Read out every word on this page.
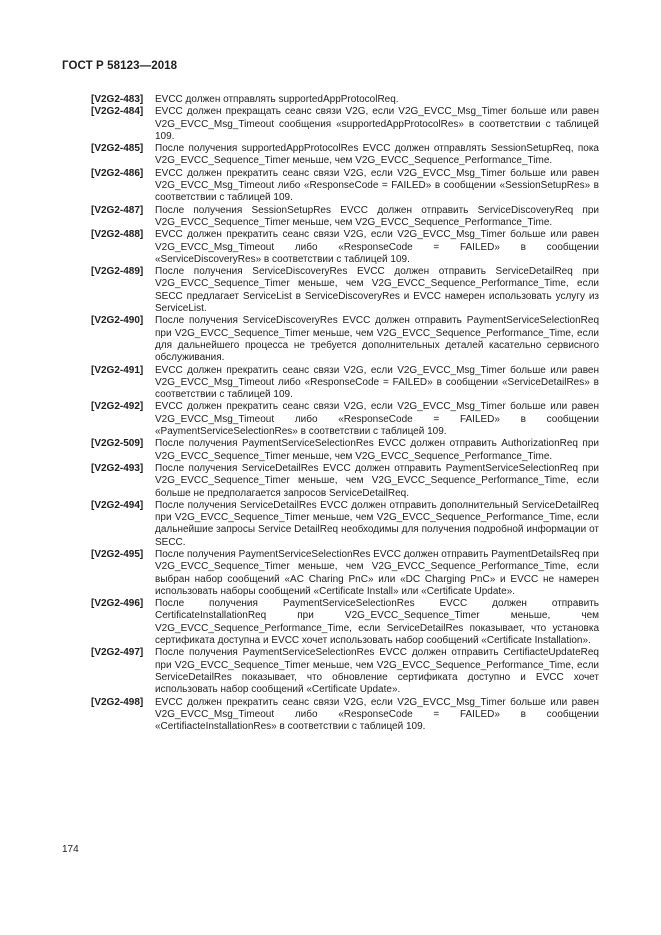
ГОСТ Р 58123—2018
[V2G2-483]	EVCC должен отправлять supportedAppProtocolReq.
[V2G2-484]	EVCC должен прекращать сеанс связи V2G, если V2G_EVCC_Msg_Timer больше или равен V2G_EVCC_Msg_Timeout сообщения «supportedAppProtocolRes» в соответствии с таблицей 109.
[V2G2-485]	После получения supportedAppProtocolRes EVCC должен отправлять SessionSetupReq, пока V2G_EVCC_Sequence_Timer меньше, чем V2G_EVCC_Sequence_Performance_Time.
[V2G2-486]	EVCC должен прекратить сеанс связи V2G, если V2G_EVCC_Msg_Timer больше или равен V2G_EVCC_Msg_Timeout либо «ResponseCode = FAILED» в сообщении «SessionSetupRes» в соответствии с таблицей 109.
[V2G2-487]	После получения SessionSetupRes EVCC должен отправить ServiceDiscoveryReq при V2G_EVCC_Sequence_Timer меньше, чем V2G_EVCC_Sequence_Performance_Time.
[V2G2-488]	EVCC должен прекратить сеанс связи V2G, если V2G_EVCC_Msg_Timer больше или равен V2G_EVCC_Msg_Timeout либо «ResponseCode = FAILED» в сообщении «ServiceDiscoveryRes» в соответствии с таблицей 109.
[V2G2-489]	После получения ServiceDiscoveryRes EVCC должен отправить ServiceDetailReq при V2G_EVCC_Sequence_Timer меньше, чем V2G_EVCC_Sequence_Performance_Time, если SECC предлагает ServiceList в ServiceDiscoveryRes и EVCC намерен использовать услугу из ServiceList.
[V2G2-490]	После получения ServiceDiscoveryRes EVCC должен отправить PaymentServiceSelectionReq при V2G_EVCC_Sequence_Timer меньше, чем V2G_EVCC_Sequence_Performance_Time, если для дальнейшего процесса не требуется дополнительных деталей касательно сервисного обслуживания.
[V2G2-491]	EVCC должен прекратить сеанс связи V2G, если V2G_EVCC_Msg_Timer больше или равен V2G_EVCC_Msg_Timeout либо «ResponseCode = FAILED» в сообщении «ServiceDetailRes» в соответствии с таблицей 109.
[V2G2-492]	EVCC должен прекратить сеанс связи V2G, если V2G_EVCC_Msg_Timer больше или равен V2G_EVCC_Msg_Timeout либо «ResponseCode = FAILED» в сообщении «PaymentServiceSelectionRes» в соответствии с таблицей 109.
[V2G2-509]	После получения PaymentServiceSelectionRes EVCC должен отправить AuthorizationReq при V2G_EVCC_Sequence_Timer меньше, чем V2G_EVCC_Sequence_Performance_Time.
[V2G2-493]	После получения ServiceDetailRes EVCC должен отправить PaymentServiceSelectionReq при V2G_EVCC_Sequence_Timer меньше, чем V2G_EVCC_Sequence_Performance_Time, если больше не предполагается запросов ServiceDetailReq.
[V2G2-494]	После получения ServiceDetailRes EVCC должен отправить дополнительный ServiceDetailReq при V2G_EVCC_Sequence_Timer меньше, чем V2G_EVCC_Sequence_Performance_Time, если дальнейшие запросы Service DetailReq необходимы для получения подробной информации от SECC.
[V2G2-495]	После получения PaymentServiceSelectionRes EVCC должен отправить PaymentDetailsReq при V2G_EVCC_Sequence_Timer меньше, чем V2G_EVCC_Sequence_Performance_Time, если выбран набор сообщений «AC Charing PnC» или «DC Charging PnC» и EVCC не намерен использовать наборы сообщений «Certificate Install» или «Certificate Update».
[V2G2-496]	После получения PaymentServiceSelectionRes EVCC должен отправить CertificateInstallationReq при V2G_EVCC_Sequence_Timer меньше, чем V2G_EVCC_Sequence_Performance_Time, если ServiceDetailRes показывает, что установка сертификата доступна и EVCC хочет использовать набор сообщений «Certificate Installation».
[V2G2-497]	После получения PaymentServiceSelectionRes EVCC должен отправить CertifiacteUpdateReq при V2G_EVCC_Sequence_Timer меньше, чем V2G_EVCC_Sequence_Performance_Time, если ServiceDetailRes показывает, что обновление сертификата доступно и EVCC хочет использовать набор сообщений «Certificate Update».
[V2G2-498]	EVCC должен прекратить сеанс связи V2G, если V2G_EVCC_Msg_Timer больше или равен V2G_EVCC_Msg_Timeout либо «ResponseCode = FAILED» в сообщении «CertifiacteInstallationRes» в соответствии с таблицей 109.
174
